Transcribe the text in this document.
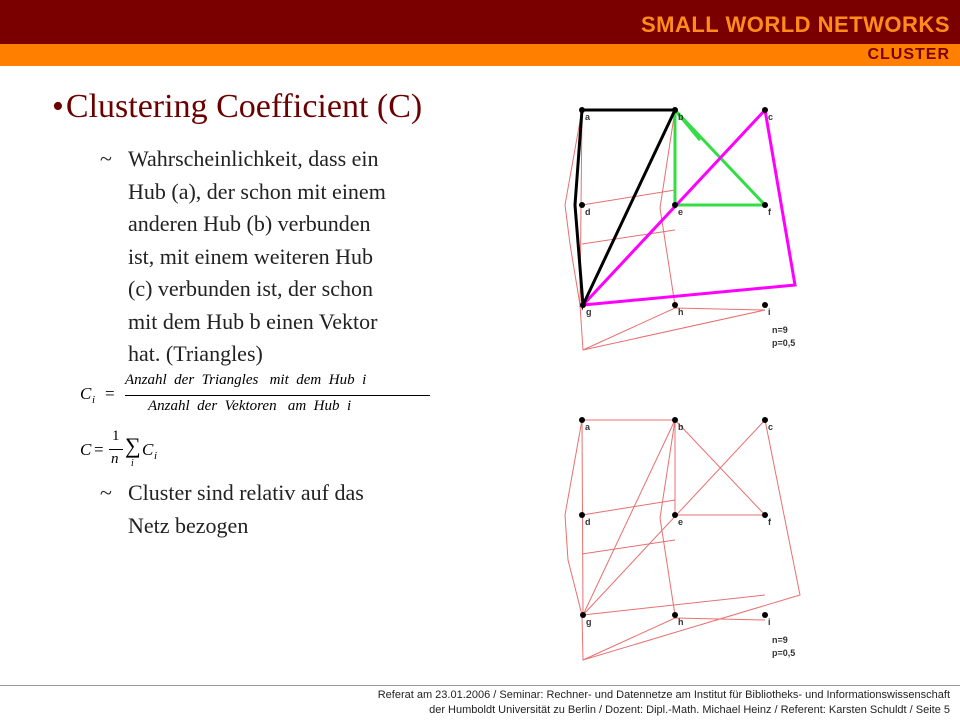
SMALL WORLD NETWORKS
CLUSTER
•Clustering Coefficient (C)
~ Wahrscheinlichkeit, dass ein
Hub (a), der schon mit einem
anderen Hub (b) verbunden
ist, mit einem weiteren Hub
(c) verbunden ist, der schon
mit dem Hub b einen Vektor
hat. (Triangles)
C i =
Anzahl  der  Triangles   mit  dem  Hub  i
Anzahl  der  Vektoren   am  Hub  i
C =
1
n
∑
i
C i
~ Cluster sind relativ auf das
Netz bezogen
a	b	c
d	e	f
g	h	i
n=9
p=0,5
a	b	c
d	e	f
g	h	i
n=9
p=0,5
Referat am 23.01.2006 / Seminar: Rechner- und Datennetze am Institut für Bibliotheks- und Informationswissenschaft
der Humboldt Universität zu Berlin / Dozent: Dipl.-Math. Michael Heinz / Referent: Karsten Schuldt / Seite 5
